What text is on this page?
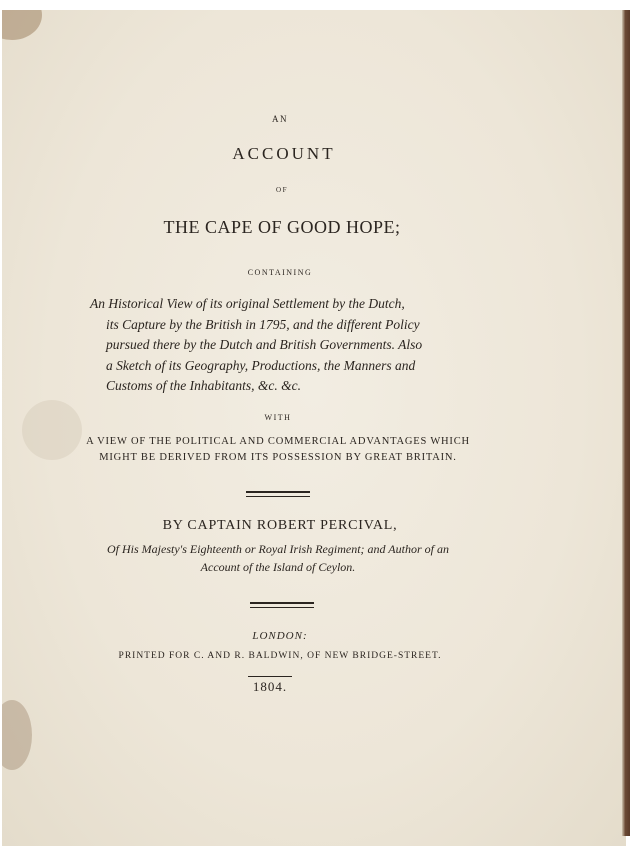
AN
ACCOUNT
OF
THE CAPE OF GOOD HOPE;
CONTAINING
An Historical View of its original Settlement by the Dutch,
its Capture by the British in 1795, and the different Policy
pursued there by the Dutch and British Governments. Also
a Sketch of its Geography, Productions, the Manners and
Customs of the Inhabitants, &c. &c.
WITH
A VIEW OF THE POLITICAL AND COMMERCIAL ADVANTAGES WHICH
MIGHT BE DERIVED FROM ITS POSSESSION BY GREAT BRITAIN.
BY CAPTAIN ROBERT PERCIVAL,
Of His Majesty's Eighteenth or Royal Irish Regiment; and Author of an
Account of the Island of Ceylon.
LONDON:
PRINTED FOR C. AND R. BALDWIN, OF NEW BRIDGE-STREET.
1804.
